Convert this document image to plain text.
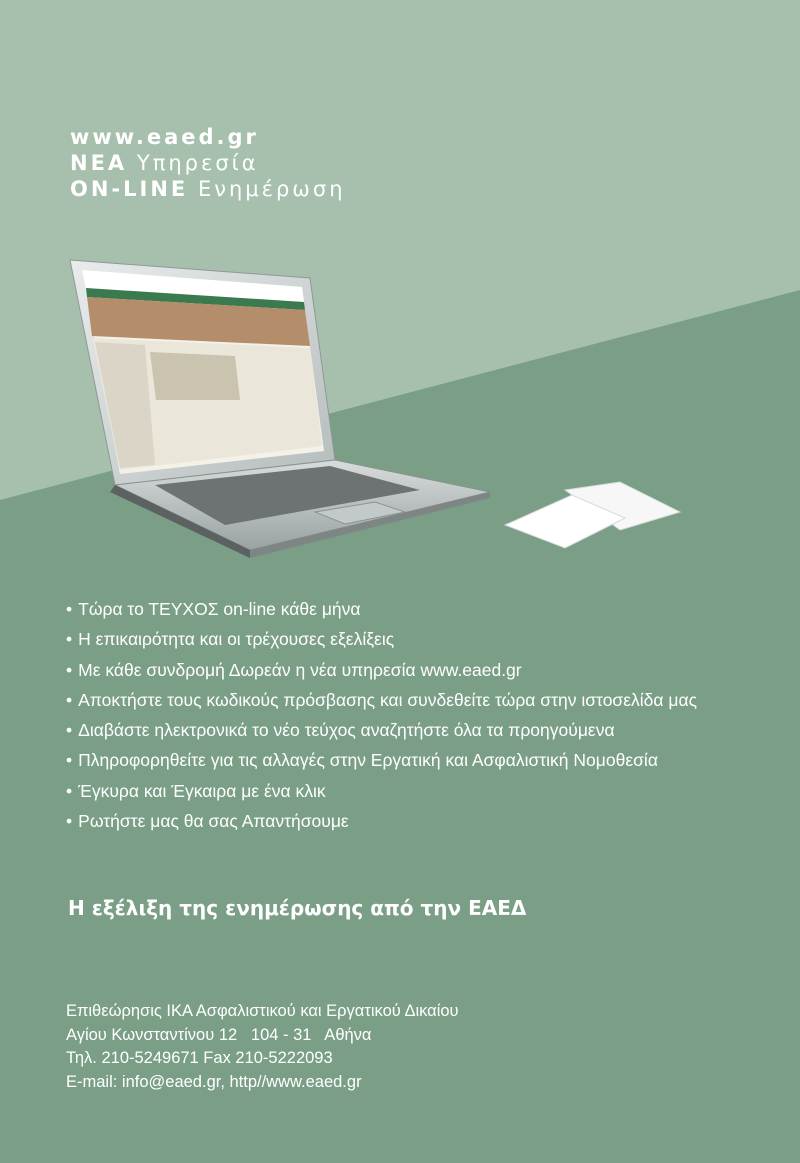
www.eaed.gr
ΝΕΑ Υπηρεσία
ON-LINE Ενημέρωση
• Τώρα το ΤΕΥΧΟΣ on-line κάθε μήνα
• Η επικαιρότητα και οι τρέχουσες εξελίξεις
• Με κάθε συνδρομή Δωρεάν η νέα υπηρεσία www.eaed.gr
• Αποκτήστε τους κωδικούς πρόσβασης και συνδεθείτε τώρα στην ιστοσελίδα μας
• Διαβάστε ηλεκτρονικά το νέο τεύχος αναζητήστε όλα τα προηγούμενα
• Πληροφορηθείτε για τις αλλαγές στην Εργατική και Ασφαλιστική Νομοθεσία
• Έγκυρα και Έγκαιρα με ένα κλικ
• Ρωτήστε μας θα σας Απαντήσουμε
Η εξέλιξη της ενημέρωσης από την ΕΑΕΔ
Επιθεώρησις ΙΚΑ Ασφαλιστικού και Εργατικού Δικαίου
Αγίου Κωνσταντίνου 12   104 - 31   Αθήνα
Τηλ. 210-5249671 Fax 210-5222093
E-mail: info@eaed.gr, http//www.eaed.gr
